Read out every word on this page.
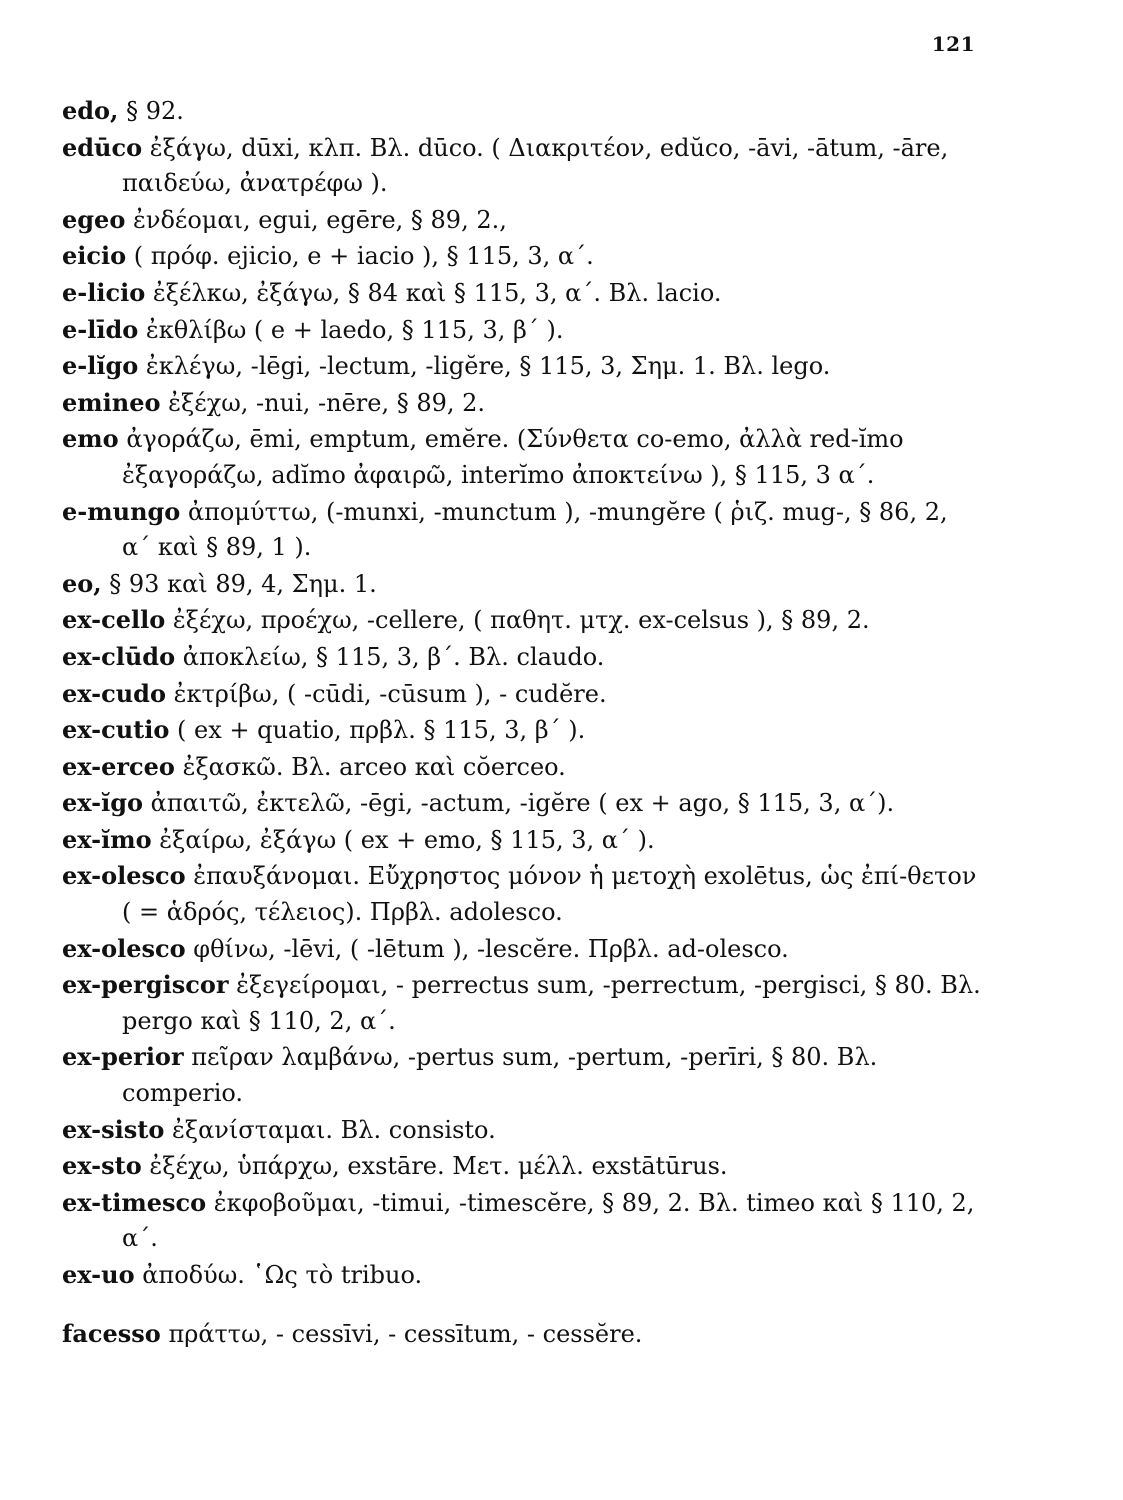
121

edo, § 92.

edūco ἐξάγω, dūxi, κλπ. Βλ. dūco. ( Διακριτέον, edŭco, -āvi, -ātum, -āre, παιδεύω, ἀνατρέφω ).

egeo ἐνδέομαι, egui, egēre, § 89, 2.,

eicio ( πρόφ. ejicio, e + iacio ), § 115, 3, α΄.

e-licio ἐξέλκω, ἐξάγω, § 84 καὶ § 115, 3, α΄. Βλ. lacio.

e-līdo ἐκθλίβω ( e + laedo, § 115, 3, β΄ ).

e-lĭgo ἐκλέγω, -lēgi, -lectum, -ligĕre, § 115, 3, Σημ. 1. Βλ. lego.

emineo ἐξέχω, -nui, -nēre, § 89, 2.

emo ἀγοράζω, ēmi, emptum, emĕre. (Σύνθετα co-emo, ἀλλὰ red-ĭmo ἐξαγοράζω, adĭmo ἀφαιρῶ, interĭmo ἀποκτείνω ), § 115, 3 α΄.

e-mungo ἀπομύττω, (-munxi, -munctum ), -mungĕre ( ῥιζ. mug-, § 86, 2, α΄ καὶ § 89, 1 ).

eo, § 93 καὶ 89, 4, Σημ. 1.

ex-cello ἐξέχω, προέχω, -cellere, ( παθητ. μτχ. ex-celsus ), § 89, 2.

ex-clūdo ἀποκλείω, § 115, 3, β΄. Βλ. claudo.

ex-cudo ἐκτρίβω, ( -cūdi, -cūsum ), - cudĕre.

ex-cutio ( ex + quatio, πρβλ. § 115, 3, β΄ ).

ex-erceo ἐξασκῶ. Βλ. arceo καὶ cŏerceo.

ex-ĭgo ἀπαιτῶ, ἐκτελῶ, -ēgi, -actum, -igĕre ( ex + ago, § 115, 3, α΄).

ex-ĭmo ἐξαίρω, ἐξάγω ( ex + emo, § 115, 3, α΄ ).

ex-olesco ἐπαυξάνομαι. Εὔχρηστος μόνον ἡ μετοχὴ exolētus, ὡς ἐπί-θετον ( = ἁδρός, τέλειος). Πρβλ. adolesco.

ex-olesco φθίνω, -lēvi, ( -lētum ), -lescĕre. Πρβλ. ad-olesco.

ex-pergiscor ἐξεγείρομαι, - perrectus sum, -perrectum, -pergisci, § 80. Βλ. pergo καὶ § 110, 2, α΄.

ex-perior πεῖραν λαμβάνω, -pertus sum, -pertum, -perīri, § 80. Βλ. comperio.

ex-sisto ἐξανίσταμαι. Βλ. consisto.

ex-sto ἐξέχω, ὑπάρχω, exstāre. Μετ. μέλλ. exstātūrus.

ex-timesco ἐκφοβοῦμαι, -timui, -timescĕre, § 89, 2. Βλ. timeo καὶ § 110, 2, α΄.

ex-uo ἀποδύω. ῾Ως τὸ tribuo.

facesso πράττω, - cessīvi, - cessītum, - cessĕre.
